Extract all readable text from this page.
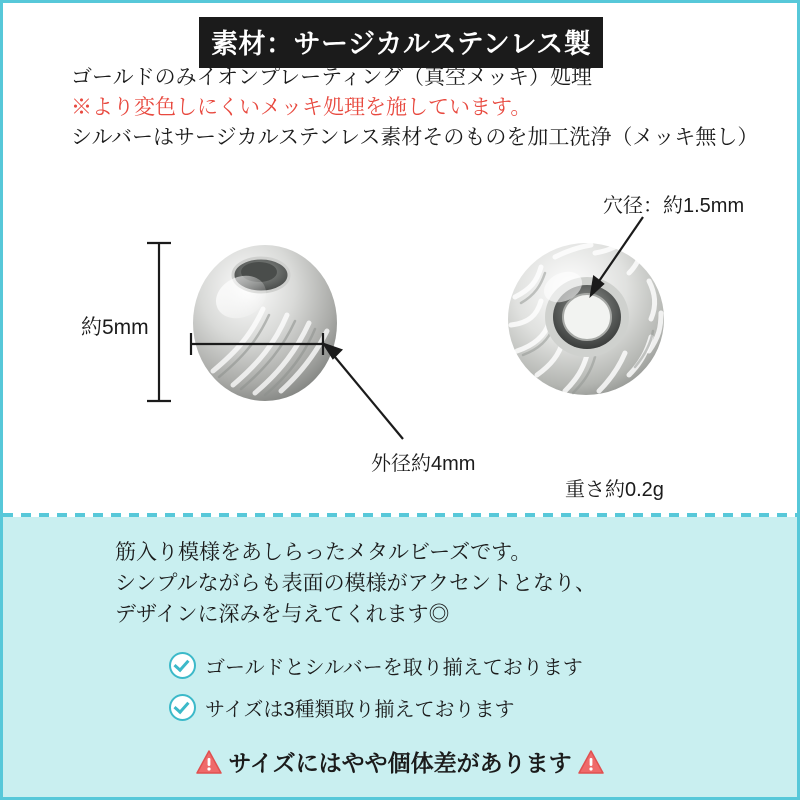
素材：サージカルステンレス製
ゴールドのみイオンプレーティング（真空メッキ）処理
※より変色しにくいメッキ処理を施しています。
シルバーはサージカルステンレス素材そのものを加工洗浄（メッキ無し）
約5mm
穴径：約1.5mm
外径約4mm
重さ約0.2g
筋入り模様をあしらったメタルビーズです。
シンプルながらも表面の模様がアクセントとなり、
デザインに深みを与えてくれます◎
ゴールドとシルバーを取り揃えております
サイズは3種類取り揃えております
サイズにはやや個体差があります
